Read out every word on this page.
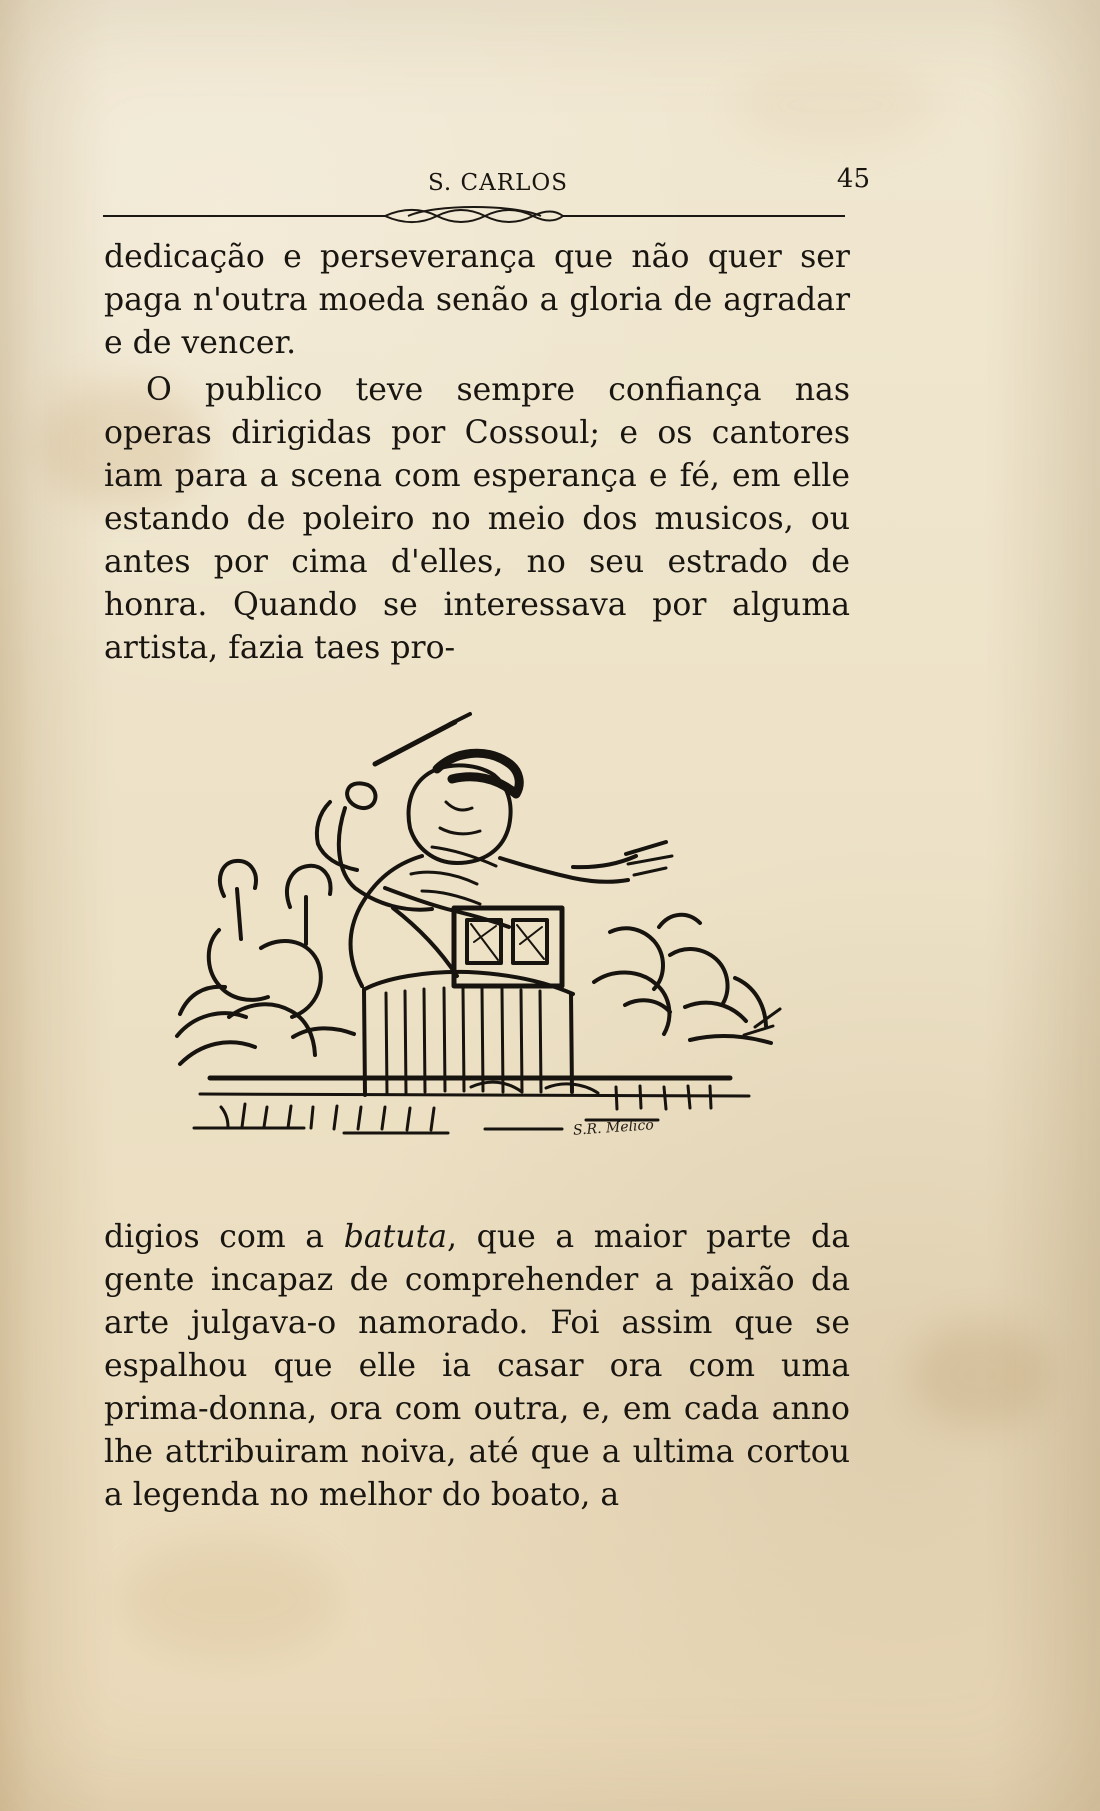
S. CARLOS	45
dedicação e perseverança que não quer ser paga n'outra moeda senão a gloria de agradar e de vencer.
O publico teve sempre confiança nas operas dirigidas por Cossoul; e os cantores iam para a scena com esperança e fé, em elle estando de poleiro no meio dos musicos, ou antes por cima d'elles, no seu estrado de honra. Quando se interessava por alguma artista, fazia taes pro-
S.R. Melico
digios com a batuta, que a maior parte da gente incapaz de comprehender a paixão da arte julgava-o namorado. Foi assim que se espalhou que elle ia casar ora com uma prima-donna, ora com outra, e, em cada anno lhe attribuiram noiva, até que a ultima cortou a legenda no melhor do boato, a
